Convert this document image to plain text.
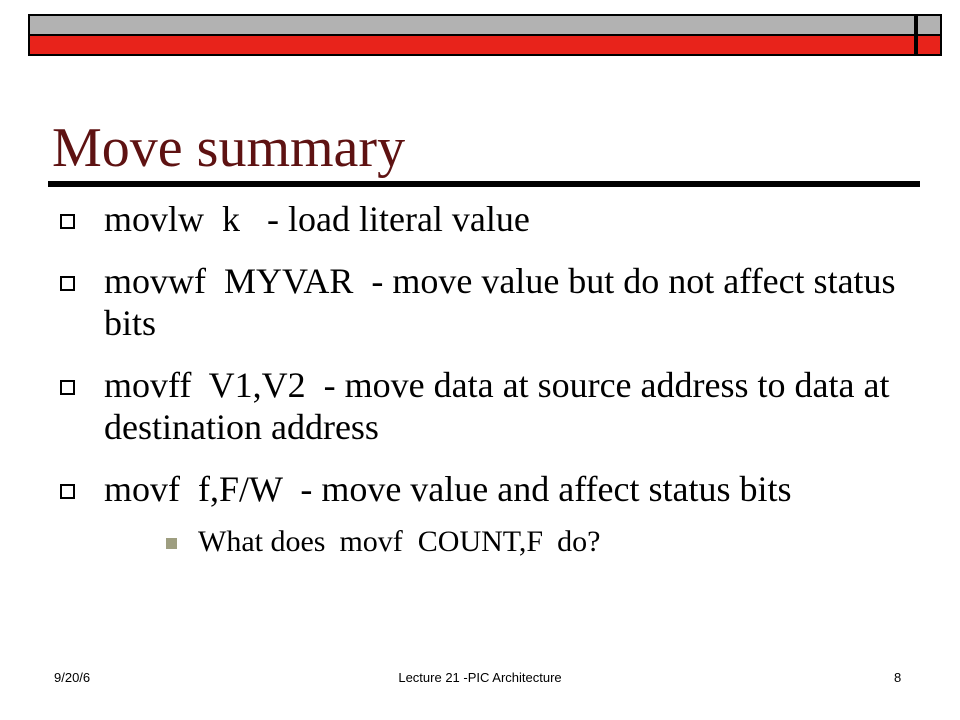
Move summary
movlw  k   - load literal value
movwf  MYVAR  - move value but do not affect status bits
movff  V1,V2  - move data at source address to data at destination address
movf  f,F/W  - move value and affect status bits
What does movf  COUNT,F do?
9/20/6	Lecture 21 -PIC Architecture	8
